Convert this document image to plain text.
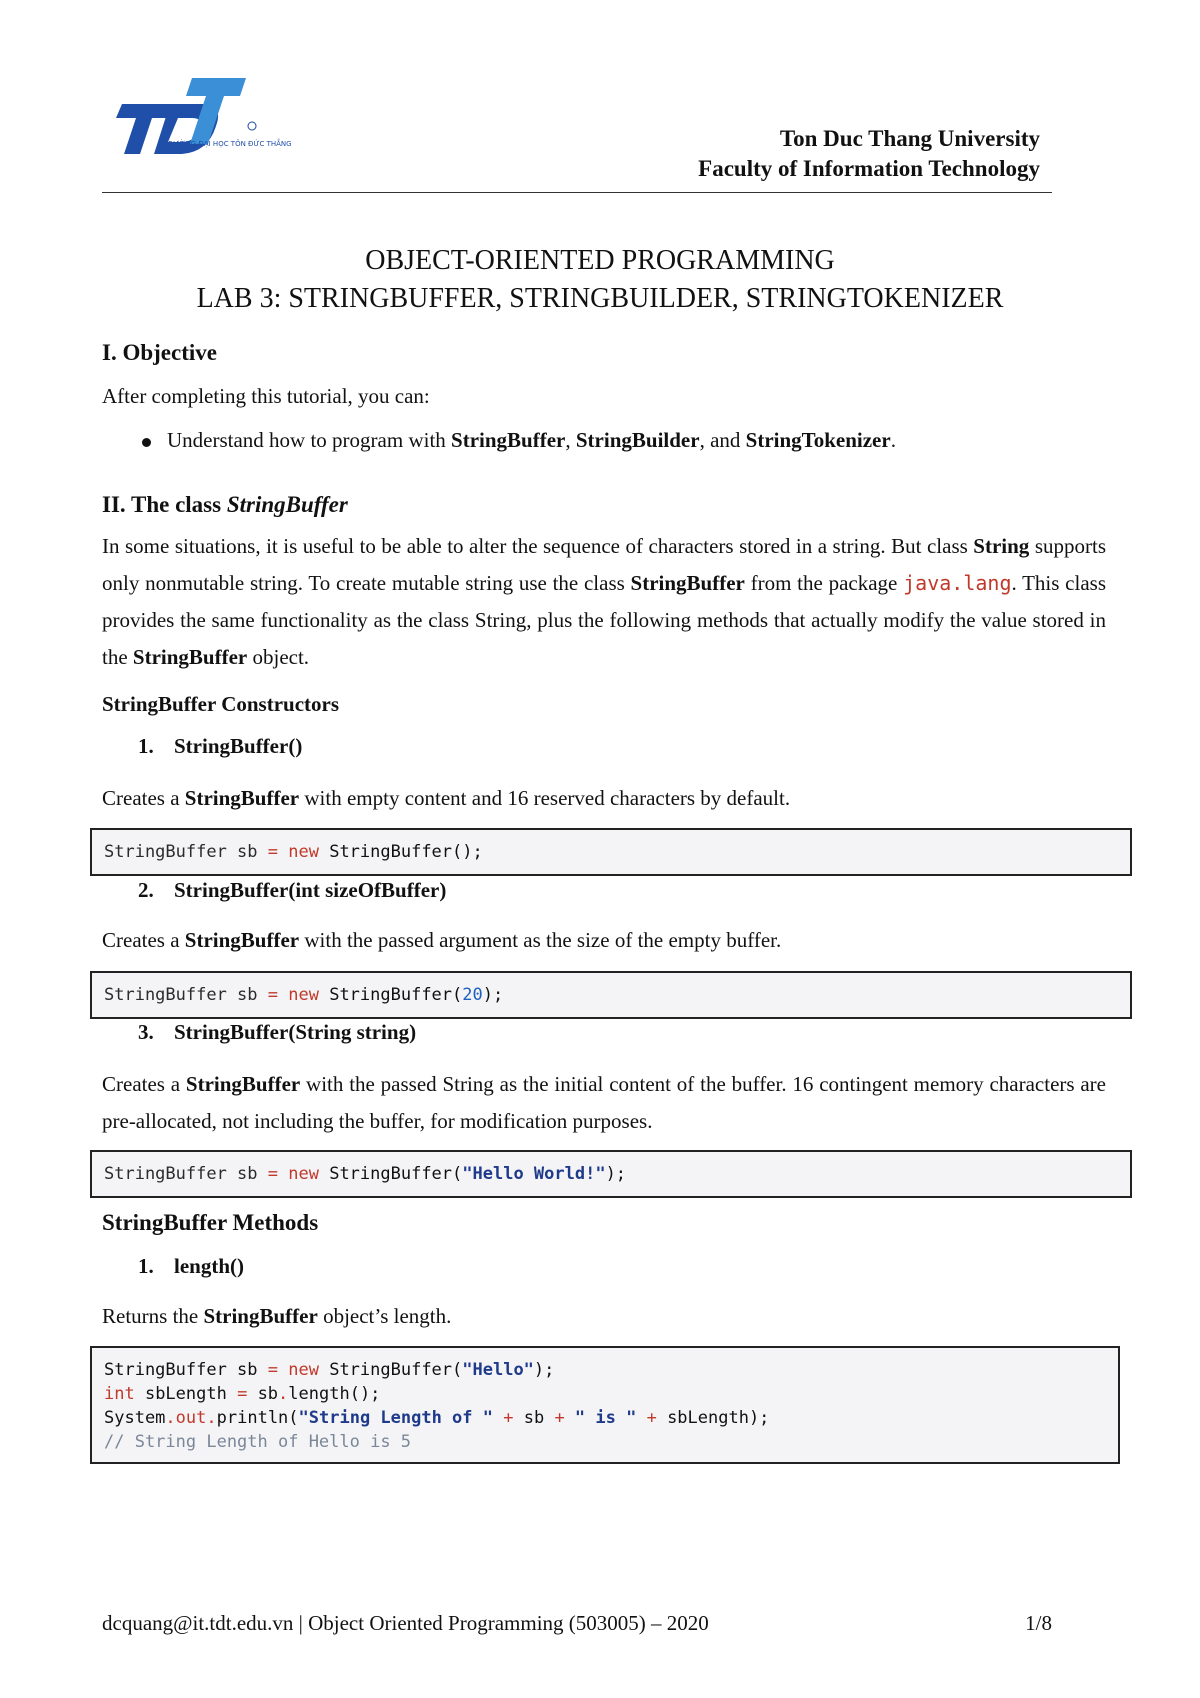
TRƯỜNG ĐẠI HỌC TÔN ĐỨC THẮNG	Ton Duc Thang University
Faculty of Information Technology
OBJECT-ORIENTED PROGRAMMING
LAB 3: STRINGBUFFER, STRINGBUILDER, STRINGTOKENIZER
I. Objective

After completing this tutorial, you can:

Understand how to program with StringBuffer, StringBuilder, and StringTokenizer.
II. The class StringBuffer

In some situations, it is useful to be able to alter the sequence of characters stored in a string. But class String supports only nonmutable string. To create mutable string use the class StringBuffer from the package java.lang. This class provides the same functionality as the class String, plus the following methods that actually modify the value stored in the StringBuffer object.

StringBuffer Constructors
1. StringBuffer()

Creates a StringBuffer with empty content and 16 reserved characters by default.

StringBuffer sb = new StringBuffer();
2. StringBuffer(int sizeOfBuffer)

Creates a StringBuffer with the passed argument as the size of the empty buffer.

StringBuffer sb = new StringBuffer(20);
3. StringBuffer(String string)

Creates a StringBuffer with the passed String as the initial content of the buffer. 16 contingent memory characters are pre-allocated, not including the buffer, for modification purposes.

StringBuffer sb = new StringBuffer("Hello World!");
StringBuffer Methods
1. length()

Returns the StringBuffer object’s length.

StringBuffer sb = new StringBuffer("Hello");
int sbLength = sb.length();
System.out.println("String Length of " + sb + " is " + sbLength);
// String Length of Hello is 5
dcquang@it.tdt.edu.vn | Object Oriented Programming (503005) – 2020	1/8
